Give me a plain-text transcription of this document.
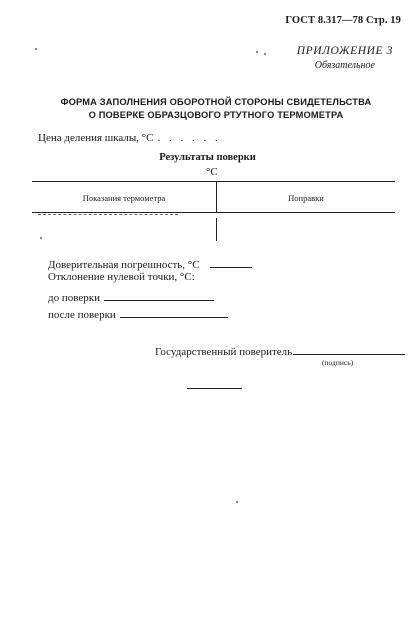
ГОСТ 8.317—78 Стр. 19
ПРИЛОЖЕНИЕ 3
Обязательное
ФОРМА ЗАПОЛНЕНИЯ ОБОРОТНОЙ СТОРОНЫ СВИДЕТЕЛЬСТВА
О ПОВЕРКЕ ОБРАЗЦОВОГО РТУТНОГО ТЕРМОМЕТРА
Цена деления шкалы, °С . . . . . .
Результаты поверки
°С
Показания термометра	Поправки
Доверительная погрешность, °С
Отклонение нулевой точки, °С:
до поверки
после поверки
Государственный поверитель
(подпись)
